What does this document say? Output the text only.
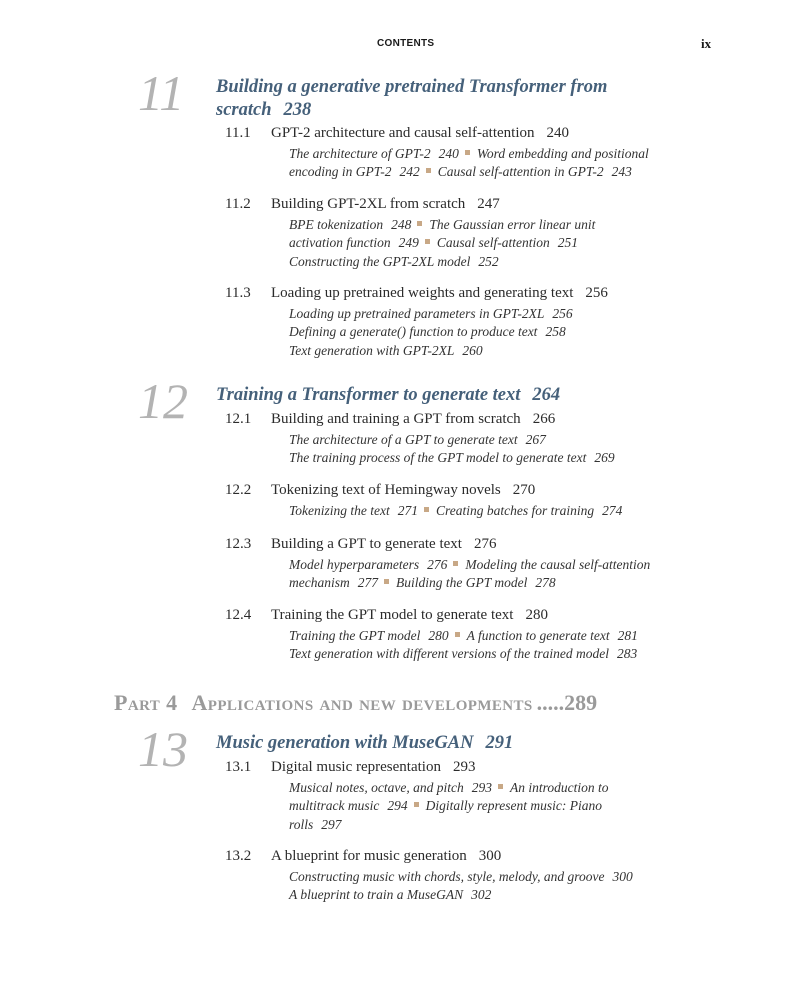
CONTENTS	ix
11 Building a generative pretrained Transformer from
scratch 238
11.1 GPT-2 architecture and causal self-attention 240
The architecture of GPT-2 240 Word embedding and positional
encoding in GPT-2 242 Causal self-attention in GPT-2 243
11.2 Building GPT-2XL from scratch 247
BPE tokenization 248 The Gaussian error linear unit
activation function 249 Causal self-attention 251
Constructing the GPT-2XL model 252
11.3 Loading up pretrained weights and generating text 256
Loading up pretrained parameters in GPT-2XL 256
Defining a generate() function to produce text 258
Text generation with GPT-2XL 260
12 Training a Transformer to generate text 264
12.1 Building and training a GPT from scratch 266
The architecture of a GPT to generate text 267
The training process of the GPT model to generate text 269
12.2 Tokenizing text of Hemingway novels 270
Tokenizing the text 271 Creating batches for training 274
12.3 Building a GPT to generate text 276
Model hyperparameters 276 Modeling the causal self-attention
mechanism 277 Building the GPT model 278
12.4 Training the GPT model to generate text 280
Training the GPT model 280 A function to generate text 281
Text generation with different versions of the trained model 283
Part 4 Applications and new developments .....289
13 Music generation with MuseGAN 291
13.1 Digital music representation 293
Musical notes, octave, and pitch 293 An introduction to
multitrack music 294 Digitally represent music: Piano
rolls 297
13.2 A blueprint for music generation 300
Constructing music with chords, style, melody, and groove 300
A blueprint to train a MuseGAN 302
